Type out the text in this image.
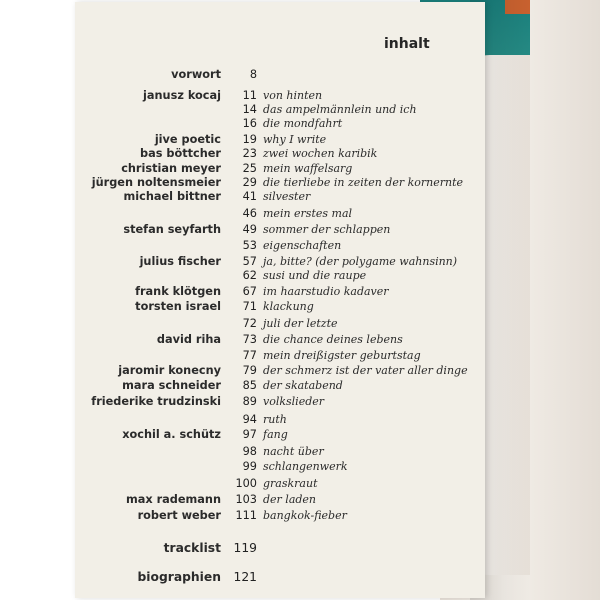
inhalt
vorwort	8
janusz kocaj	11 von hinten
14 das ampelmännlein und ich
16 die mondfahrt
jive poetic	19 why I write
bas böttcher	23 zwei wochen karibik
christian meyer	25 mein waffelsarg
jürgen noltensmeier	29 die tierliebe in zeiten der kornernte
michael bittner	41 silvester
46 mein erstes mal
stefan seyfarth	49 sommer der schlappen
53 eigenschaften
julius fischer	57 ja, bitte? (der polygame wahnsinn)
62 susi und die raupe
frank klötgen	67 im haarstudio kadaver
torsten israel	71 klackung
72 juli der letzte
david riha	73 die chance deines lebens
77 mein dreißigster geburtstag
jaromir konecny	79 der schmerz ist der vater aller dinge
mara schneider	85 der skatabend
friederike trudzinski	89 volkslieder
94 ruth
xochil a. schütz	97 fang
98 nacht über
99 schlangenwerk
100 graskraut
max rademann	103 der laden
robert weber	111 bangkok-fieber
tracklist 119
biographien 121
